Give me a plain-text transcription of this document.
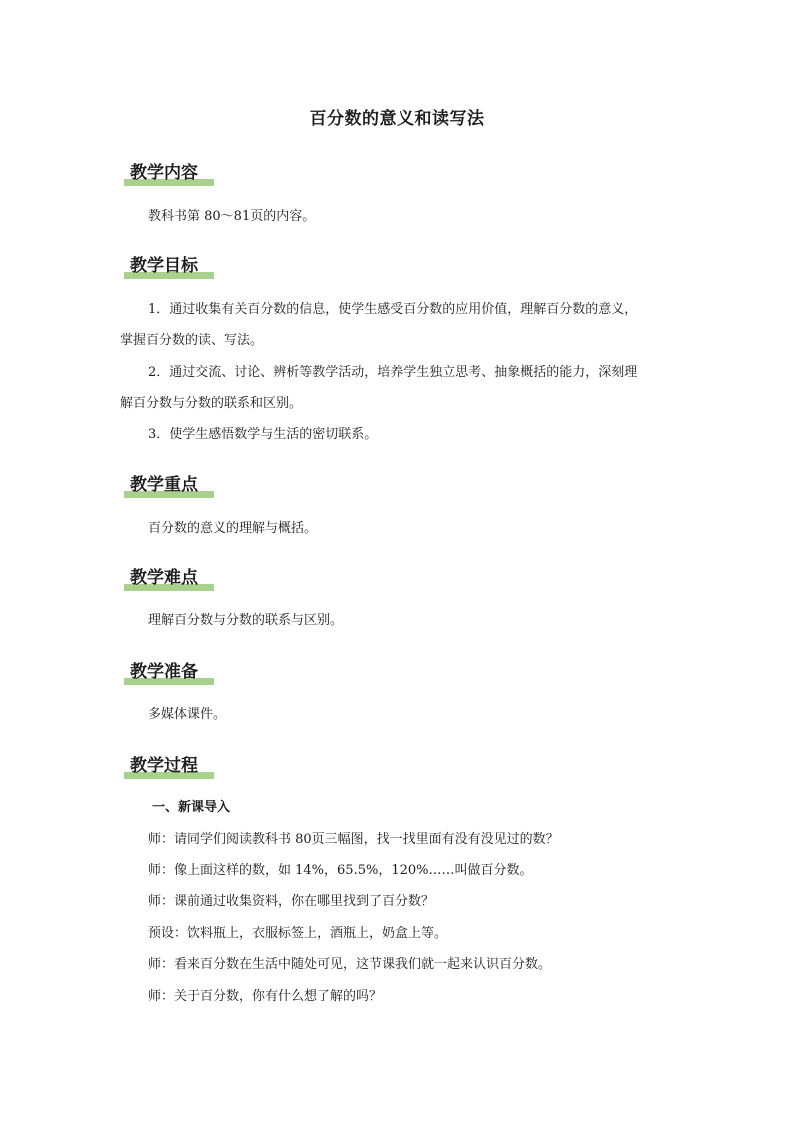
百分数的意义和读写法
教学内容
教科书第 80～81页的内容。
教学目标
1．通过收集有关百分数的信息，使学生感受百分数的应用价值，理解百分数的意义，
掌握百分数的读、写法。
2．通过交流、讨论、辨析等教学活动，培养学生独立思考、抽象概括的能力，深刻理
解百分数与分数的联系和区别。
3．使学生感悟数学与生活的密切联系。
教学重点
百分数的意义的理解与概括。
教学难点
理解百分数与分数的联系与区别。
教学准备
多媒体课件。
教学过程
一、新课导入
师：请同学们阅读教科书 80页三幅图，找一找里面有没有没见过的数？
师：像上面这样的数，如 14%，65.5%，120%……叫做百分数。
师：课前通过收集资料，你在哪里找到了百分数？
预设：饮料瓶上，衣服标签上，酒瓶上，奶盒上等。
师：看来百分数在生活中随处可见，这节课我们就一起来认识百分数。
师：关于百分数，你有什么想了解的吗？
